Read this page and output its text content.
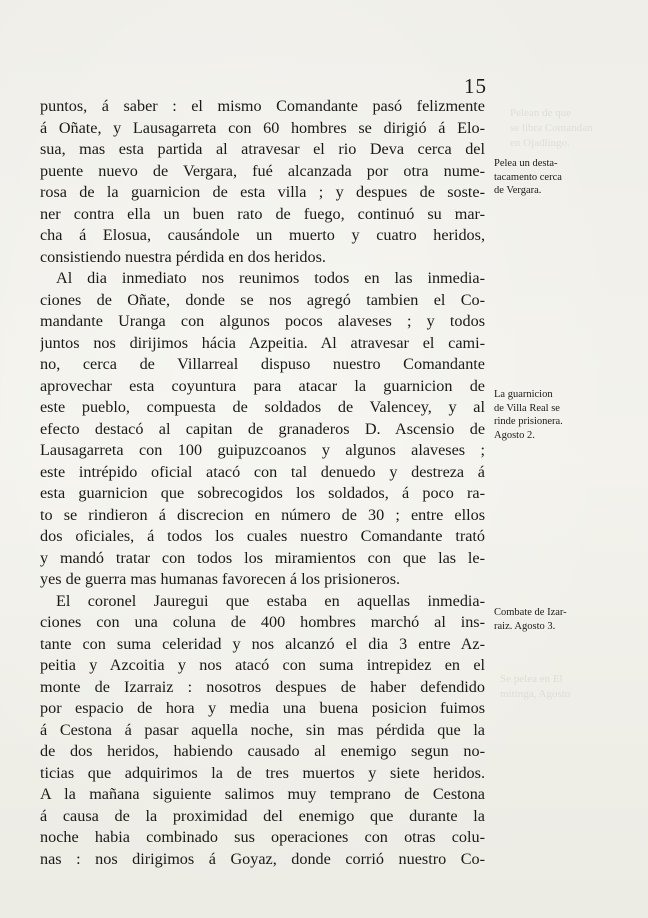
Pelean de que
se libra Comandan
en Ojadlingo.
Se pelea en El
mitinga, Agosto
15
puntos, á saber : el mismo Comandante pasó felizmente
á Oñate, y Lausagarreta con 60 hombres se dirigió á Elo-
sua, mas esta partida al atravesar el rio Deva cerca del
puente nuevo de Vergara, fué alcanzada por otra nume-
rosa de la guarnicion de esta villa ; y despues de soste-
ner contra ella un buen rato de fuego, continuó su mar-
cha á Elosua, causándole un muerto y cuatro heridos,
consistiendo nuestra pérdida en dos heridos.
Al dia inmediato nos reunimos todos en las inmedia-
ciones de Oñate, donde se nos agregó tambien el Co-
mandante Uranga con algunos pocos alaveses ; y todos
juntos nos dirijimos hácia Azpeitia. Al atravesar el cami-
no, cerca de Villarreal dispuso nuestro Comandante
aprovechar esta coyuntura para atacar la guarnicion de
este pueblo, compuesta de soldados de Valencey, y al
efecto destacó al capitan de granaderos D. Ascensio de
Lausagarreta con 100 guipuzcoanos y algunos alaveses ;
este intrépido oficial atacó con tal denuedo y destreza á
esta guarnicion que sobrecogidos los soldados, á poco ra-
to se rindieron á discrecion en número de 30 ; entre ellos
dos oficiales, á todos los cuales nuestro Comandante trató
y mandó tratar con todos los miramientos con que las le-
yes de guerra mas humanas favorecen á los prisioneros.
El coronel Jauregui que estaba en aquellas inmedia-
ciones con una coluna de 400 hombres marchó al ins-
tante con suma celeridad y nos alcanzó el dia 3 entre Az-
peitia y Azcoitia y nos atacó con suma intrepidez en el
monte de Izarraiz : nosotros despues de haber defendido
por espacio de hora y media una buena posicion fuimos
á Cestona á pasar aquella noche, sin mas pérdida que la
de dos heridos, habiendo causado al enemigo segun no-
ticias que adquirimos la de tres muertos y siete heridos.
A la mañana siguiente salimos muy temprano de Cestona
á causa de la proximidad del enemigo que durante la
noche habia combinado sus operaciones con otras colu-
nas : nos dirigimos á Goyaz, donde corrió nuestro Co-
Pelea un desta-
tacamento cerca
de Vergara.
La guarnicion
de Villa Real se
rinde prisionera.
Agosto 2.
Combate de Izar-
raiz. Agosto 3.
